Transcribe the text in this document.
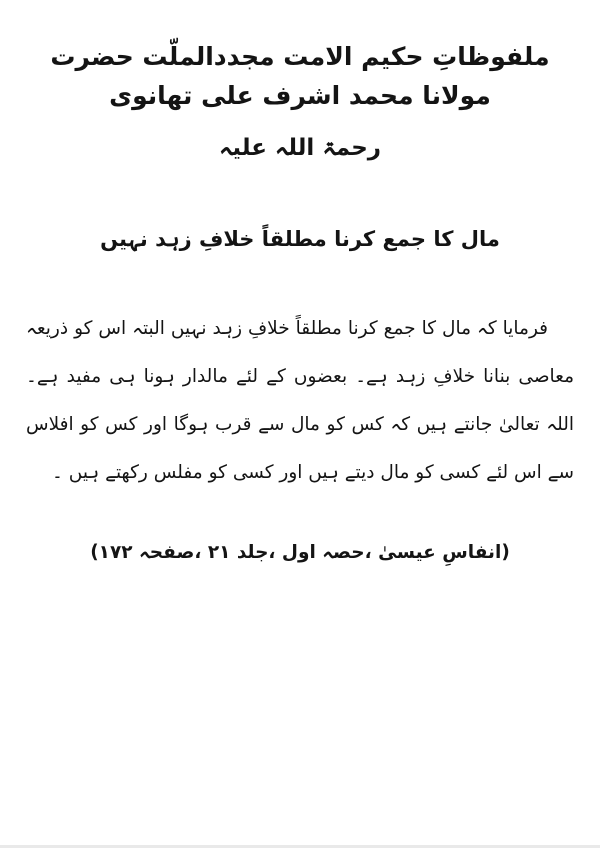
ملفوظاتِ حکیم الامت مجددالملّت حضرت مولانا محمد اشرف علی تھانوی
رحمۃ اللہ علیہ
مال کا جمع کرنا مطلقاً خلافِ زہد نہیں

فرمایا کہ مال کا جمع کرنا مطلقاً خلافِ زہد نہیں البتہ اس کو ذریعہ معاصی بنانا خلافِ زہد ہے۔ بعضوں کے لئے مالدار ہونا ہی مفید ہے۔ اللہ تعالیٰ جانتے ہیں کہ کس کو مال سے قرب ہوگا اور کس کو افلاس سے اس لئے کسی کو مال دیتے ہیں اور کسی کو مفلس رکھتے ہیں ۔

(انفاسِ عیسیٰ ،حصہ اول ،جلد ۲۱ ،صفحہ ۱۷۲)
